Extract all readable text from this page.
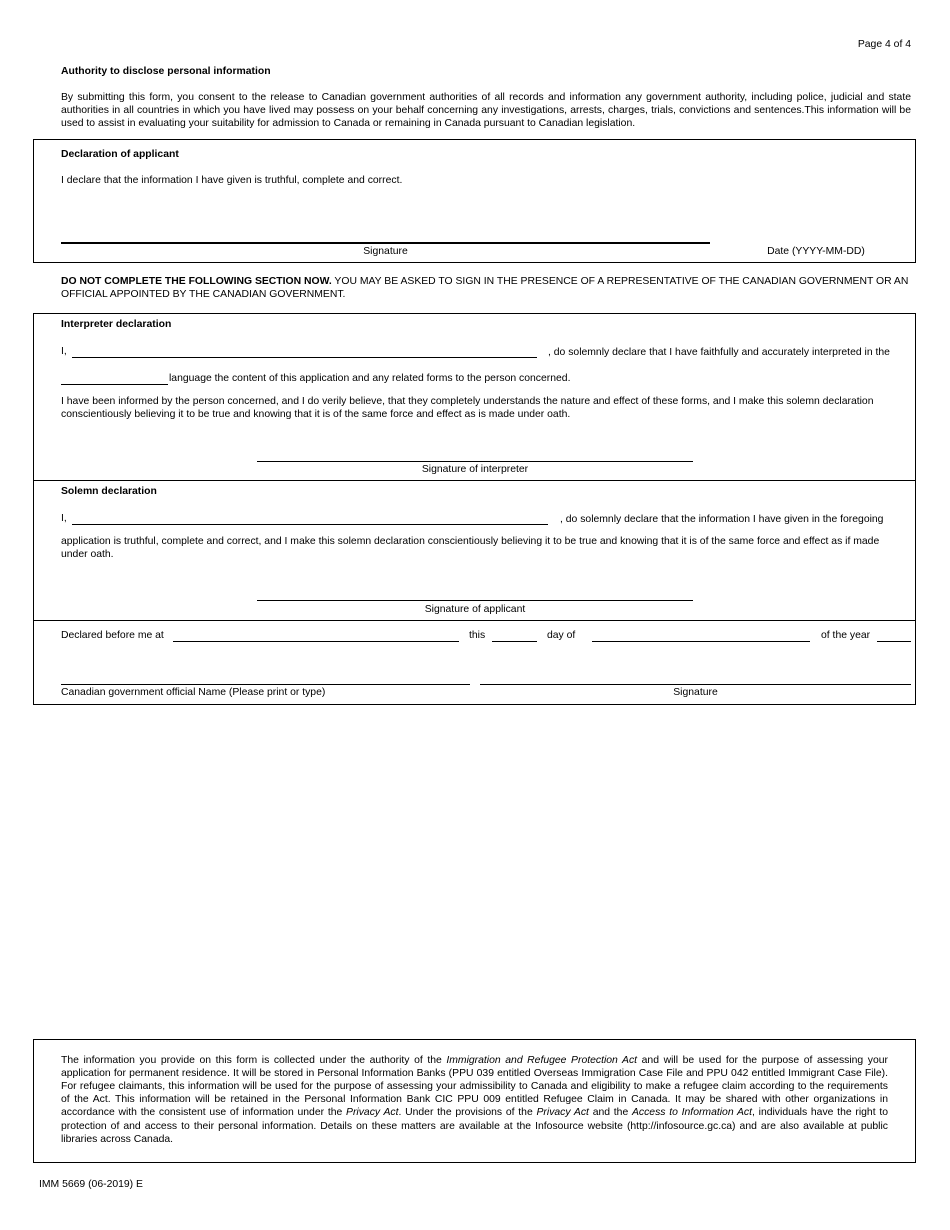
Page 4 of 4
Authority to disclose personal information
By submitting this form, you consent to the release to Canadian government authorities of all records and information any government authority, including police, judicial and state authorities in all countries in which you have lived may possess on your behalf concerning any investigations, arrests, charges, trials, convictions and sentences.This information will be used to assist in evaluating your suitability for admission to Canada or remaining in Canada pursuant to Canadian legislation.
Declaration of applicant
I declare that the information I have given is truthful, complete and correct.
Signature	Date (YYYY-MM-DD)
DO NOT COMPLETE THE FOLLOWING SECTION NOW. YOU MAY BE ASKED TO SIGN IN THE PRESENCE OF A REPRESENTATIVE OF THE CANADIAN GOVERNMENT OR AN OFFICIAL APPOINTED BY THE CANADIAN GOVERNMENT.
Interpreter declaration
I,	, do solemnly declare that I have faithfully and accurately interpreted in the
language the content of this application and any related forms to the person concerned.
I have been informed by the person concerned, and I do verily believe, that they completely understands the nature and effect of these forms, and I make this solemn declaration conscientiously believing it to be true and knowing that it is of the same force and effect as is made under oath.
Signature of interpreter
Solemn declaration
I,	, do solemnly declare that the information I have given in the foregoing
application is truthful, complete and correct, and I make this solemn declaration conscientiously believing it to be true and knowing that it is of the same force and effect as if made under oath.
Signature of applicant
Declared before me at	this	day of	of the year
Canadian government official Name (Please print or type)	Signature
The information you provide on this form is collected under the authority of the Immigration and Refugee Protection Act and will be used for the purpose of assessing your application for permanent residence. It will be stored in Personal Information Banks (PPU 039 entitled Overseas Immigration Case File and PPU 042 entitled Immigrant Case File). For refugee claimants, this information will be used for the purpose of assessing your admissibility to Canada and eligibility to make a refugee claim according to the requirements of the Act. This information will be retained in the Personal Information Bank CIC PPU 009 entitled Refugee Claim in Canada. It may be shared with other organizations in accordance with the consistent use of information under the Privacy Act. Under the provisions of the Privacy Act and the Access to Information Act, individuals have the right to protection of and access to their personal information. Details on these matters are available at the Infosource website (http://infosource.gc.ca) and are also available at public libraries across Canada.
IMM 5669 (06-2019) E
